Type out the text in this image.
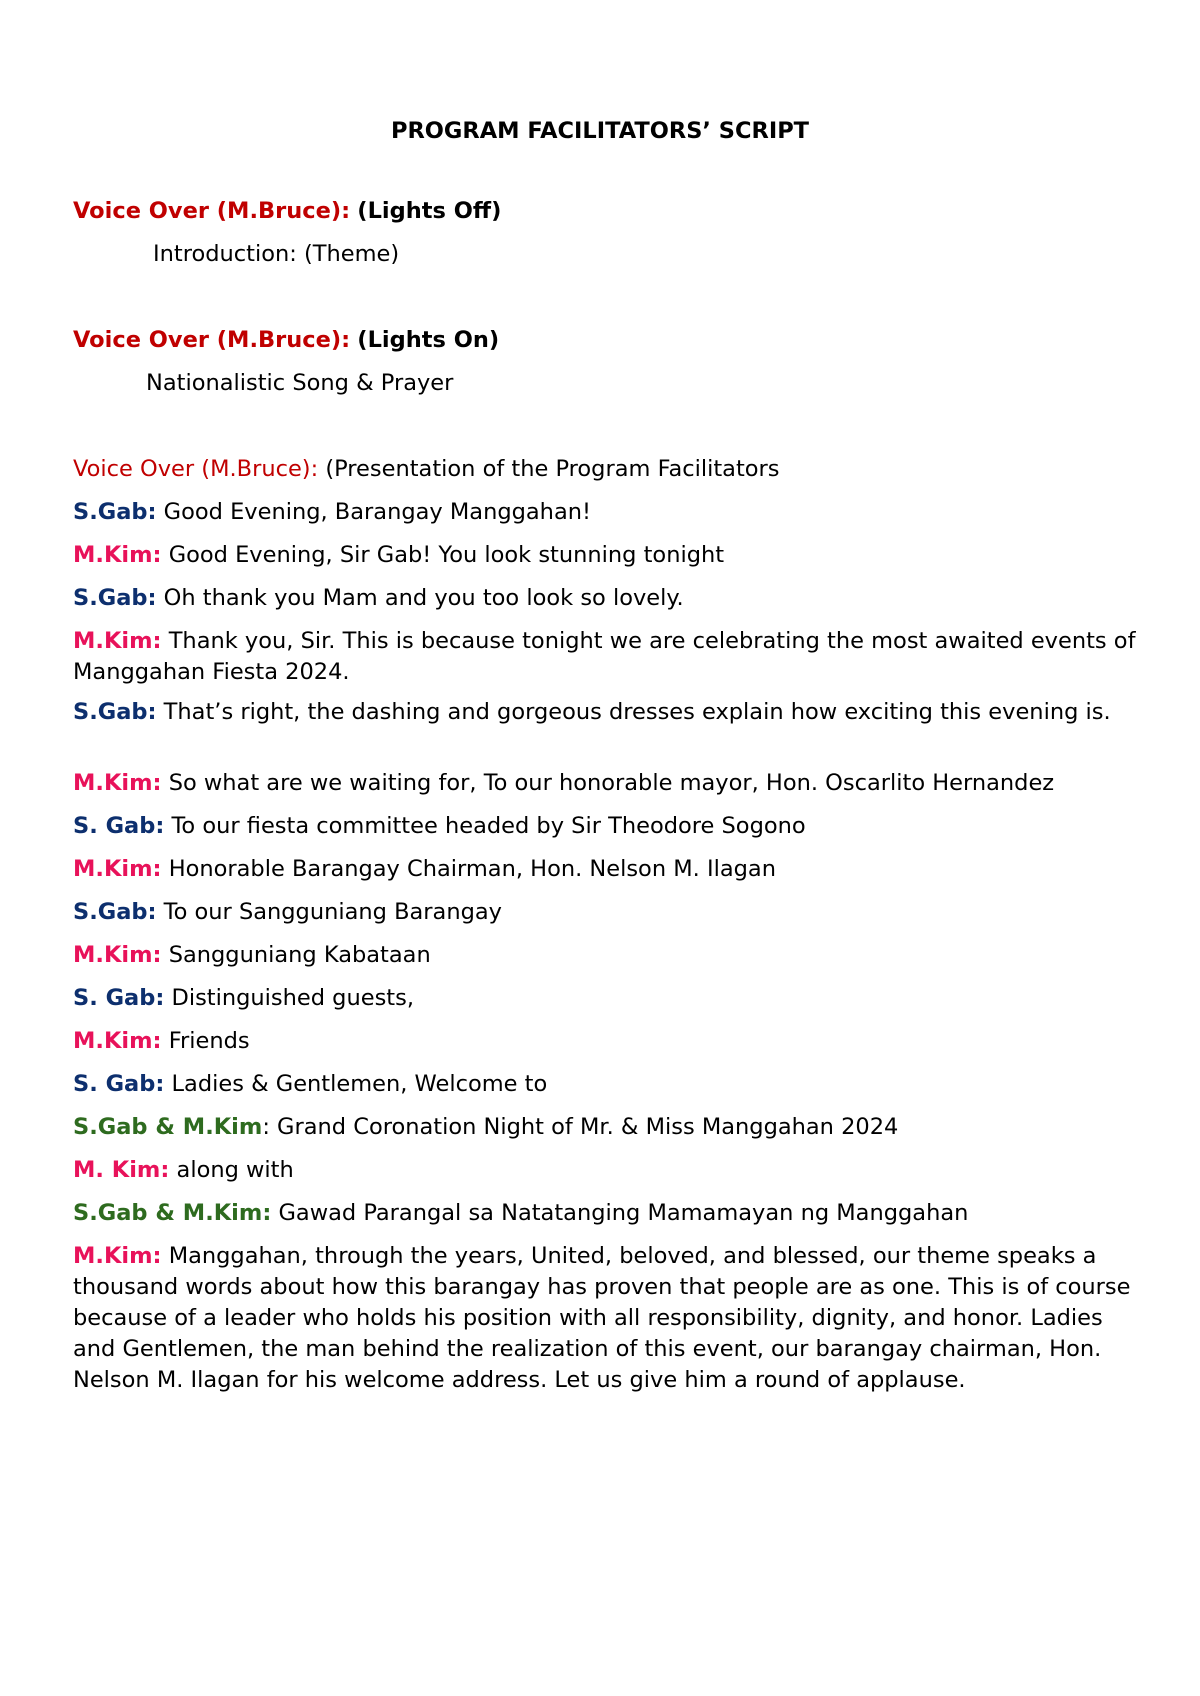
PROGRAM FACILITATORS’ SCRIPT

Voice Over (M.Bruce): (Lights Off)

Introduction: (Theme)

Voice Over (M.Bruce): (Lights On)

Nationalistic Song & Prayer

Voice Over (M.Bruce): (Presentation of the Program Facilitators

S.Gab: Good Evening, Barangay Manggahan!

M.Kim: Good Evening, Sir Gab! You look stunning tonight

S.Gab: Oh thank you Mam and you too look so lovely.

M.Kim: Thank you, Sir. This is because tonight we are celebrating the most awaited events of Manggahan Fiesta 2024.

S.Gab: That’s right, the dashing and gorgeous dresses explain how exciting this evening is.

M.Kim: So what are we waiting for, To our honorable mayor, Hon. Oscarlito Hernandez

S. Gab: To our fiesta committee headed by Sir Theodore Sogono

M.Kim: Honorable Barangay Chairman, Hon. Nelson M. Ilagan

S.Gab: To our Sangguniang Barangay

M.Kim: Sangguniang Kabataan

S. Gab: Distinguished guests,

M.Kim: Friends

S. Gab: Ladies & Gentlemen, Welcome to

S.Gab & M.Kim: Grand Coronation Night of Mr. & Miss Manggahan 2024

M. Kim: along with

S.Gab & M.Kim: Gawad Parangal sa Natatanging Mamamayan ng Manggahan

M.Kim: Manggahan, through the years, United, beloved, and blessed, our theme speaks a thousand words about how this barangay has proven that people are as one. This is of course because of a leader who holds his position with all responsibility, dignity, and honor. Ladies and Gentlemen, the man behind the realization of this event, our barangay chairman, Hon. Nelson M. Ilagan for his welcome address. Let us give him a round of applause.
